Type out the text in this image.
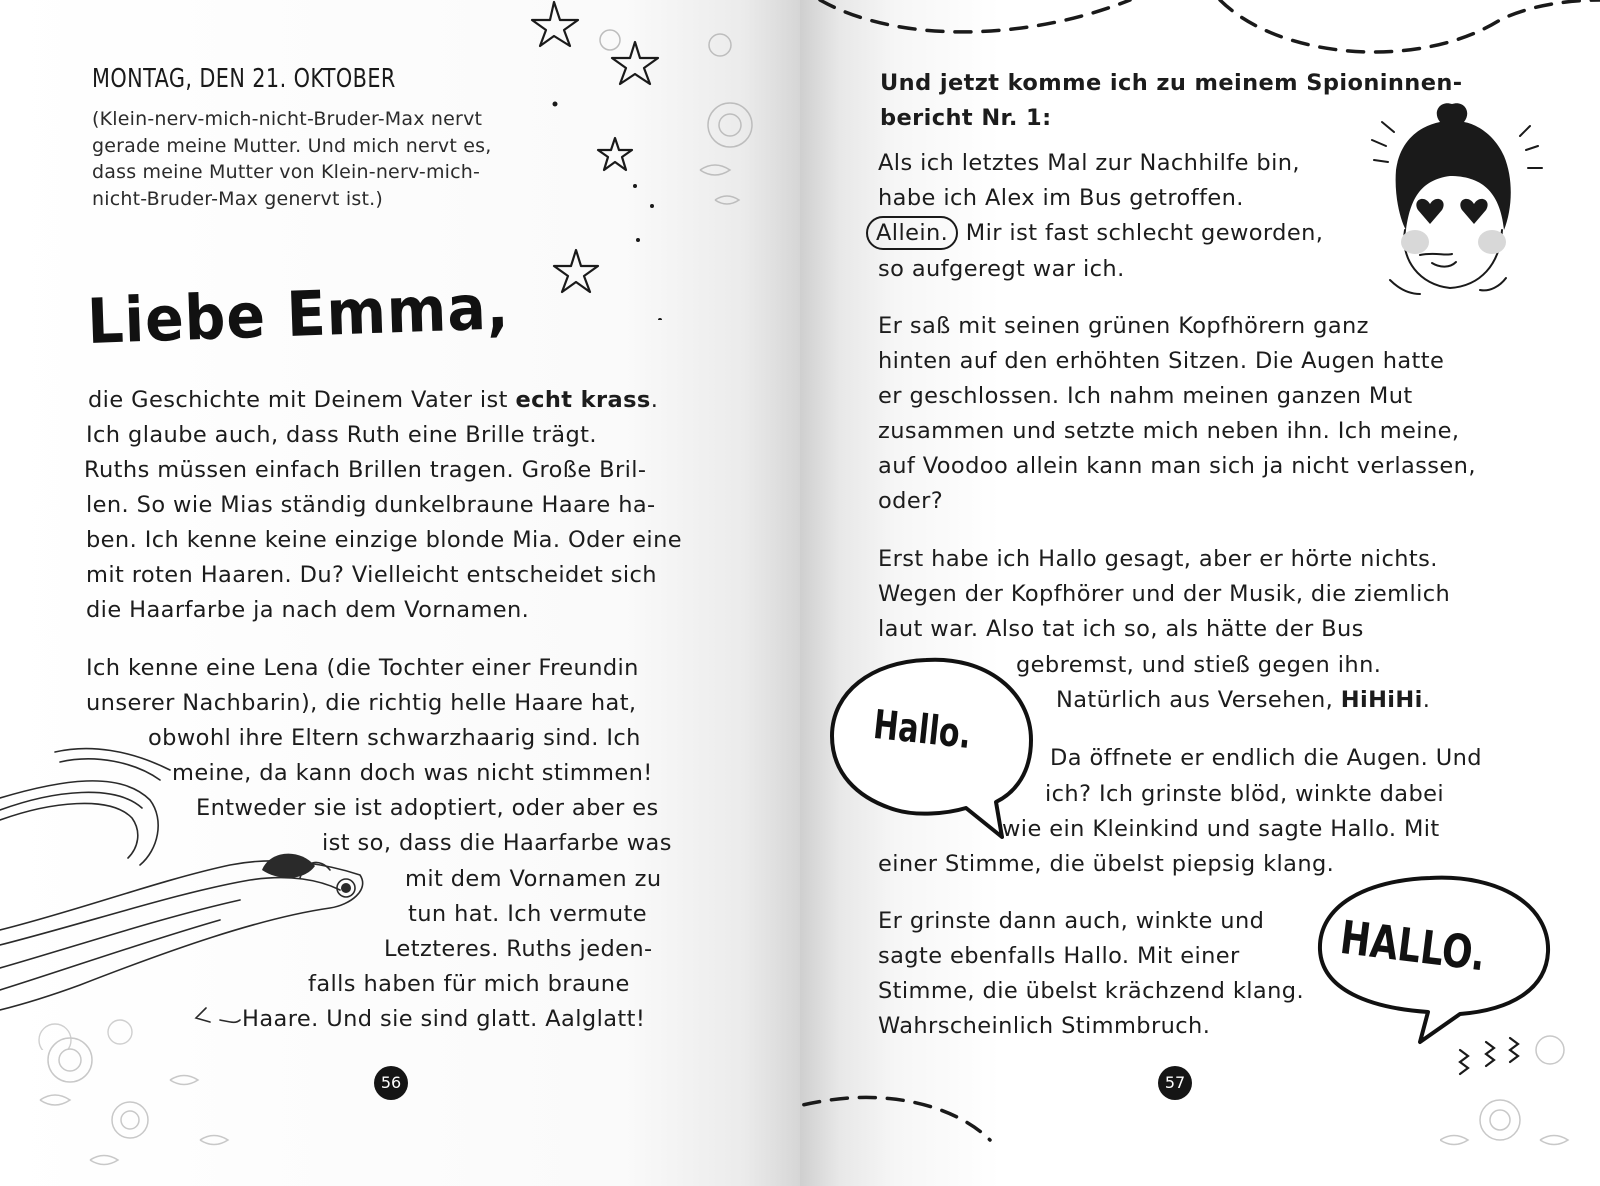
MONTAG, DEN 21. OKTOBER
(Klein-nerv-mich-nicht-Bruder-Max nervt
gerade meine Mutter. Und mich nervt es,
dass meine Mutter von Klein-nerv-mich-
nicht-Bruder-Max genervt ist.)
Liebe Emma,

die Geschichte mit Deinem Vater ist echt krass.

Ich glaube auch, dass Ruth eine Brille trägt.

Ruths müssen einfach Brillen tragen. Große Bril-

len. So wie Mias ständig dunkelbraune Haare ha-

ben. Ich kenne keine einzige blonde Mia. Oder eine

mit roten Haaren. Du? Vielleicht entscheidet sich

die Haarfarbe ja nach dem Vornamen.

Ich kenne eine Lena (die Tochter einer Freundin

unserer Nachbarin), die richtig helle Haare hat,

obwohl ihre Eltern schwarzhaarig sind. Ich

meine, da kann doch was nicht stimmen!

Entweder sie ist adoptiert, oder aber es

ist so, dass die Haarfarbe was

mit dem Vornamen zu

tun hat. Ich vermute

Letzteres. Ruths jeden-

falls haben für mich braune

Haare. Und sie sind glatt. Aalglatt!

56
Und jetzt komme ich zu meinem Spioninnen-
bericht Nr. 1:

Als ich letztes Mal zur Nachhilfe bin,

habe ich Alex im Bus getroffen.

Allein. Mir ist fast schlecht geworden,

so aufgeregt war ich.

Er saß mit seinen grünen Kopfhörern ganz

hinten auf den erhöhten Sitzen. Die Augen hatte

er geschlossen. Ich nahm meinen ganzen Mut

zusammen und setzte mich neben ihn. Ich meine,

auf Voodoo allein kann man sich ja nicht verlassen,

oder?

Erst habe ich Hallo gesagt, aber er hörte nichts.

Wegen der Kopfhörer und der Musik, die ziemlich

laut war. Also tat ich so, als hätte der Bus

gebremst, und stieß gegen ihn.

Natürlich aus Versehen, HiHiHi.

Hallo.

Da öffnete er endlich die Augen. Und

ich? Ich grinste blöd, winkte dabei

wie ein Kleinkind und sagte Hallo. Mit

einer Stimme, die übelst piepsig klang.

Er grinste dann auch, winkte und

sagte ebenfalls Hallo. Mit einer

Stimme, die übelst krächzend klang.

Wahrscheinlich Stimmbruch.

HALLO.
57
